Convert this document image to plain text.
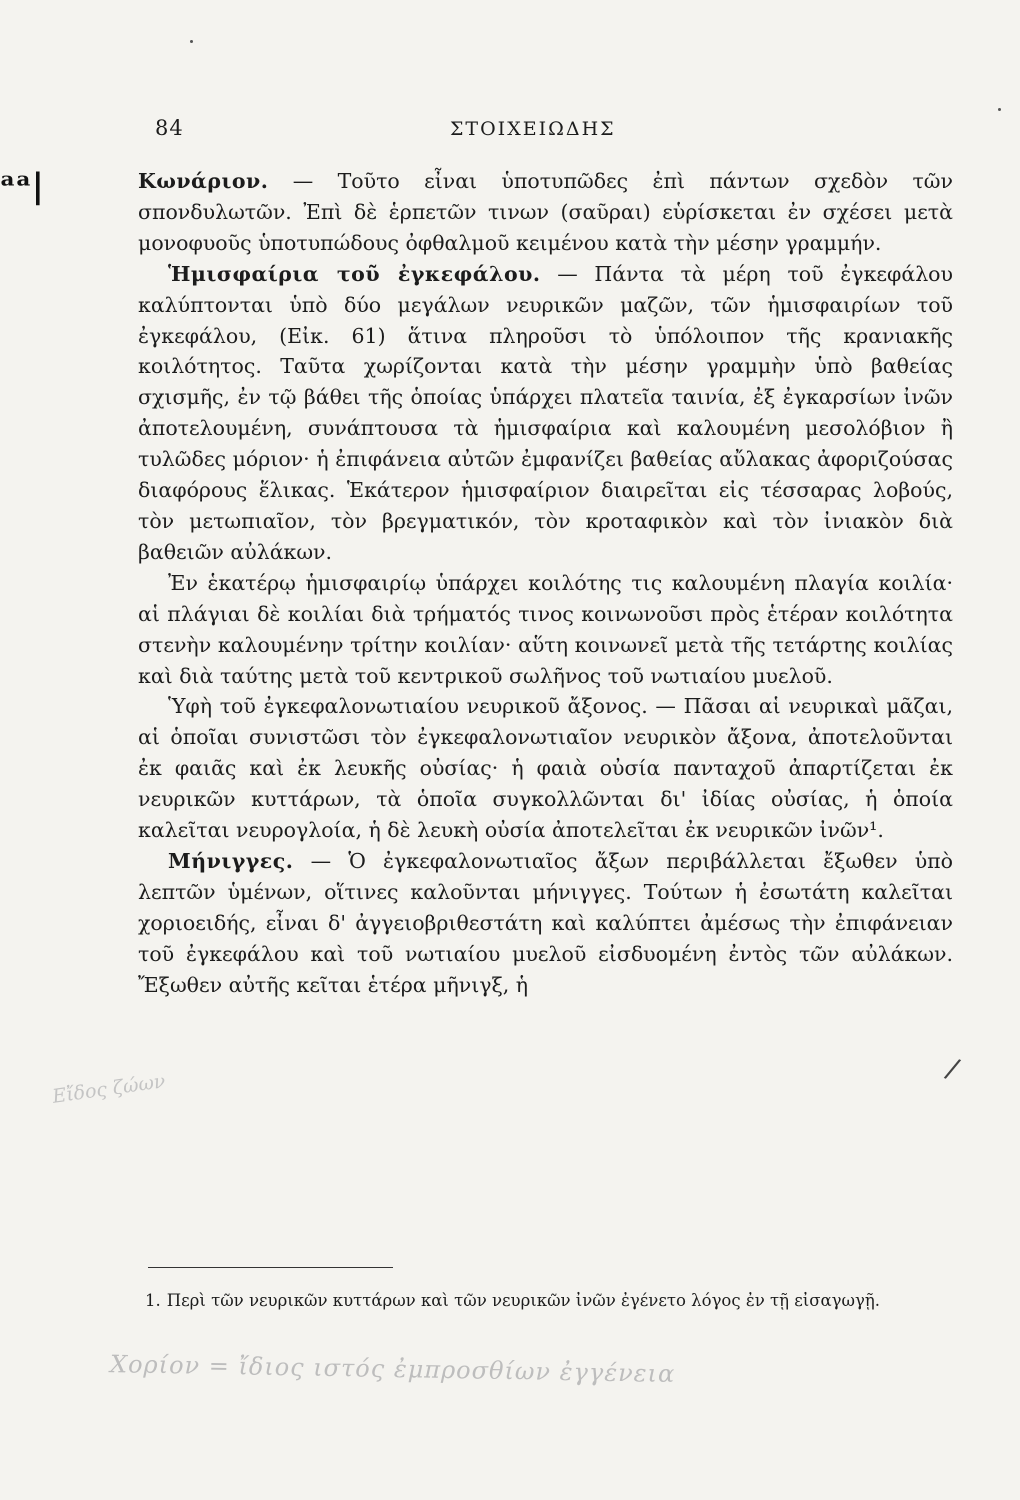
84	ΣΤΟΙΧΕΙΩΔΗΣ
ᵃᵃ|	Κωνάριον. — Τοῦτο εἶναι ὑποτυπῶδες ἐπὶ πάντων σχεδὸν τῶν σπονδυλωτῶν. Ἐπὶ δὲ ἑρπετῶν τινων (σαῦραι) εὑρίσκεται ἐν σχέσει μετὰ μονοφυοῦς ὑποτυπώδους ὀφθαλμοῦ κειμένου κατὰ τὴν μέσην γραμμήν.

Ἡμισφαίρια τοῦ ἐγκεφάλου. — Πάντα τὰ μέρη τοῦ ἐγκεφάλου καλύπτονται ὑπὸ δύο μεγάλων νευρικῶν μαζῶν, τῶν ἡμισφαιρίων τοῦ ἐγκεφάλου, (Εἰκ. 61) ἅτινα πληροῦσι τὸ ὑπόλοιπον τῆς κρανιακῆς κοιλότητος. Ταῦτα χωρίζονται κατὰ τὴν μέσην γραμμὴν ὑπὸ βαθείας σχισμῆς, ἐν τῷ βάθει τῆς ὁποίας ὑπάρχει πλατεῖα ταινία, ἐξ ἐγκαρσίων ἰνῶν ἀποτελουμένη, συνάπτουσα τὰ ἡμισφαίρια καὶ καλουμένη μεσολόβιον ἢ τυλῶδες μόριον· ἡ ἐπιφάνεια αὐτῶν ἐμφανίζει βαθείας αὔλακας ἀφοριζούσας διαφόρους ἕλικας. Ἑκάτερον ἡμισφαίριον διαιρεῖται εἰς τέσσαρας λοβούς, τὸν μετωπιαῖον, τὸν βρεγματικόν, τὸν κροταφικὸν καὶ τὸν ἰνιακὸν διὰ βαθειῶν αὐλάκων.

Ἐν ἑκατέρῳ ἡμισφαιρίῳ ὑπάρχει κοιλότης τις καλουμένη πλαγία κοιλία· αἱ πλάγιαι δὲ κοιλίαι διὰ τρήματός τινος κοινωνοῦσι πρὸς ἑτέραν κοιλότητα στενὴν καλουμένην τρίτην κοιλίαν· αὕτη κοινωνεῖ μετὰ τῆς τετάρτης κοιλίας καὶ διὰ ταύτης μετὰ τοῦ κεντρικοῦ σωλῆνος τοῦ νωτιαίου μυελοῦ.

Ὑφὴ τοῦ ἐγκεφαλονωτιαίου νευρικοῦ ἄξονος. — Πᾶσαι αἱ νευρικαὶ μᾶζαι, αἱ ὁποῖαι συνιστῶσι τὸν ἐγκεφαλονωτιαῖον νευρικὸν ἄξονα, ἀποτελοῦνται ἐκ φαιᾶς καὶ ἐκ λευκῆς οὐσίας· ἡ φαιὰ οὐσία πανταχοῦ ἀπαρτίζεται ἐκ νευρικῶν κυττάρων, τὰ ὁποῖα συγκολλῶνται δι' ἰδίας οὐσίας, ἡ ὁποία καλεῖται νευρογλοία, ἡ δὲ λευκὴ οὐσία ἀποτελεῖται ἐκ νευρικῶν ἰνῶν¹.

Μήνιγγες. — Ὁ ἐγκεφαλονωτιαῖος ἄξων περιβάλλεται ἔξωθεν ὑπὸ λεπτῶν ὑμένων, οἵτινες καλοῦνται μήνιγγες. Τούτων ἡ ἐσωτάτη καλεῖται χοριοειδής, εἶναι δ' ἀγγειοβριθεστάτη καὶ καλύπτει ἀμέσως τὴν ἐπιφάνειαν τοῦ ἐγκεφάλου καὶ τοῦ νωτιαίου μυελοῦ εἰσδυομένη ἐντὸς τῶν αὐλάκων. Ἔξωθεν αὐτῆς κεῖται ἑτέρα μῆνιγξ, ἡ

1. Περὶ τῶν νευρικῶν κυττάρων καὶ τῶν νευρικῶν ἰνῶν ἐγένετο λόγος ἐν τῇ εἰσαγωγῇ.
Εἴδος ζώων
/
Χορίον = ἴδιος ιστός ἐμπροσθίων ἐγγένεια
